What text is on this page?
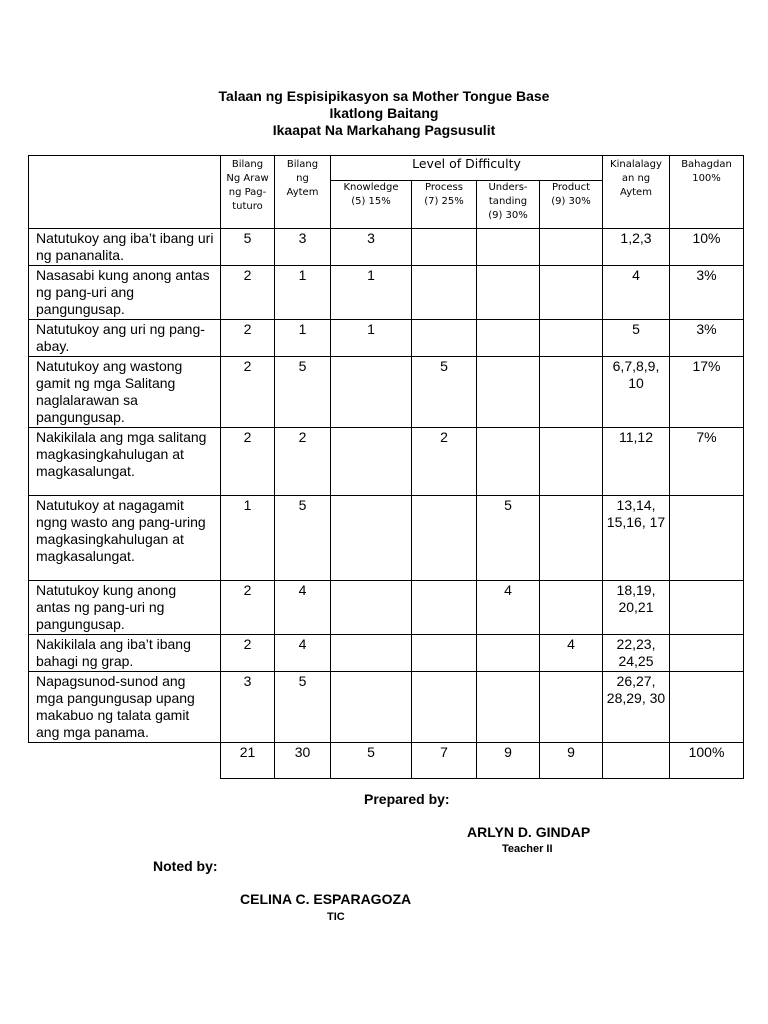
Talaan ng Espisipikasyon sa Mother Tongue Base
Ikatlong Baitang
Ikaapat Na Markahang Pagsusulit

	Bilang Ng Araw ng Pag-tuturo	Bilang ng Aytem	Level of Difficulty				Kinalalagy an ng Aytem	Bahagdan 100%

			Knowledge (5) 15%	Process (7) 25%	Unders-tanding (9) 30%	Product (9) 30%		

Natutukoy ang iba’t ibang uri ng pananalita.	5	3	3				1,2,3	10%
Nasasabi kung anong antas ng pang-uri ang pangungusap.	2	1	1				4	3%
Natutukoy ang uri ng pang-abay.	2	1	1				5	3%
Natutukoy ang wastong gamit ng mga Salitang naglalarawan sa pangungusap.	2	5		5			6,7,8,9, 10	17%
Nakikilala ang mga salitang magkasingkahulugan at magkasalungat.	2	2		2			11,12	7%
Natutukoy at nagagamit ngng wasto ang pang-uring magkasingkahulugan at magkasalungat.	1	5			5		13,14, 15,16, 17	
Natutukoy kung anong antas ng pang-uri ng pangungusap.	2	4			4		18,19, 20,21	
Nakikilala ang iba’t ibang bahagi ng grap.	2	4				4	22,23, 24,25	
Napagsunod-sunod ang mga pangungusap upang makabuo ng talata gamit ang mga panama.	3	5					26,27, 28,29, 30	
	21	30	5	7	9	9		100%
Prepared by:
ARLYN D. GINDAP
Teacher II
Noted by:
CELINA C. ESPARAGOZA
TIC
